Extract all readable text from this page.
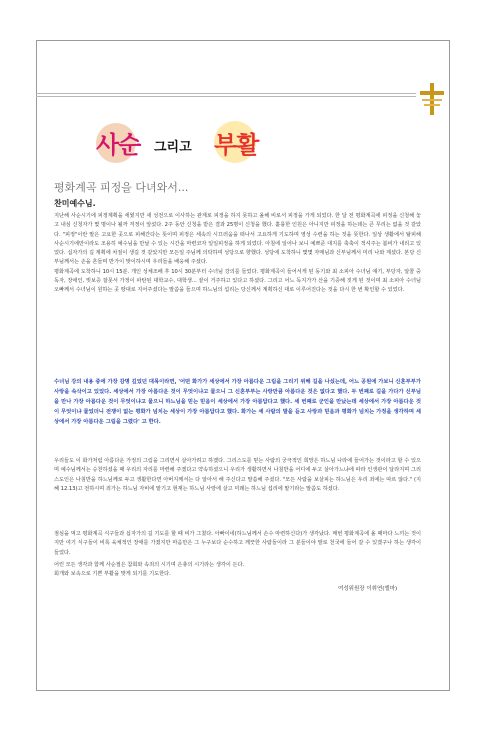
사순 그리고 부활
평화계곡 피정을 다녀와서...
찬미예수님.

지난해 사순시기에 피정계획을 세웠지만 새 성전으로 이사하는 관계로 피정을 하지 못하고 올해 비로서 피정을 가게 되었다. 한 달 전 평화계곡에 피정을 신청해 놓고 내심 신청자가 몇 명이나 될까 걱정이 앞섰다. 2주 동안 신청을 받은 결과 25명이 신청을 했다. 훌륭한 인원은 아니지만 피정을 하는데는 큰 무리는 없을 것 같았다. "피정"이란 말은 고요한 곳으로 피해간다는 뜻이며 피정은 세속의 시끄러움을 떠나서 고요하게 기도하며 영성 수련을 하는 것을 뜻한다. 일상 생활에서 탈피해 사순시기에만이라도 조용히 예수님을 만날 수 있는 시간을 마련코자 일일피정을 하게 되었다. 아침에 일어나 보니 예쁘준 대지를 축축이 적셔주는 봄비가 내리고 있었다. 십자가의 길 계획에 차질이 생길 것 같았지만 모든일 주님께 의탁하며 성당으로 향했다. 성당에 도착하니 몇몇 자매님과 신부님께서 미리 나와 계셨다. 본당 신부님께서는 손을 흔들며 반가이 맞이하시며 우리들을 배웅해 주셨다.
평화계곡에 도착하니 10시 15분. 개인 성체조배 후 10시 30분부터 수녀님 강의를 들었다. 평화계곡이 들어서게 된 동기와 최 소피아 수녀님 얘기, 부당자, 알콜 중독자, 장애인, 빚보증 잘못서 가정이 파탄된 대학교수, 대학생... 끝이 거주하고 있다고 하셨다. 그리고 어느 독지가가 산을 기증해 짓게 된 것이며 최 소피아 수녀님 오빠께서 수녀님이 원하는 곳 땅대로 지어주셨다는 말씀을 들으며 하느님의 섭리는 당신께서 계획하신 대로 이루어진다는 것을 다시 한 번 확인할 수 있었다.

수녀님 강의 내용 중에 가장 감명 깊었던 대목이라면, '어떤 화가가 세상에서 가장 아름다운 그림을 그리기 위해 길을 나섰는데, 어느 공원에 가보니 신혼부부가 사랑을 속삭이고 있었다. 세상에서 가장 아름다운 것이 무엇이냐고 물으니 그 신혼부부는 사랑만큼 아름다운 것은 없다고 했다. 두 번째로 길을 가다가 신부님을 만나 가장 아름다운 것이 무엇이냐고 물으니 하느님을 믿는 믿음이 세상에서 가장 아름답다고 했다. 세 번째로 군인을 만났는데 세상에서 가장 아름다운 것이 무엇이냐 물었더니 전쟁이 없는 평화가 넘치는 세상이 가장 아름답다고 했다. 화가는 세 사람의 말을 듣고 사랑과 믿음과 평화가 넘치는 가정을 생각하며 세상에서 가장 아름다운 그림을 그렸다' 고 한다.

우리들도 이 화가처럼 아름다운 가정의 그림을 그리면서 살아가려고 하겠다. 그리스도를 믿는 사람의 궁극적인 희망은 하느님 나라에 들어가는 것이라고 할 수 있으며 예수님께서는 승천하셨을 때 우리의 자리를 마련해 주겠다고 약속하셨으니 우리가 생활하면서 나침반을 어디에 두고 살아가느냐에 따라 인생관이 달라지며 그리스도인은 나침반을 하느님께로 두고 생활한다면 아버지께서는 다 알아서 해 주신다고 말씀해 주셨다. "모든 사람을 보살피는 하느님은 우리 죄에는 따르 않다." (지혜 12.13)고 전하시며 죄가는 하느님 자비에 맡기고 현재는 하느님 사랑에 살고 미래는 하느님 섭리에 맡기라는 말씀도 하셨다.

점심을 먹고 평화계곡 식구들과 십자가의 길 기도를 할 때 비가 그쳤다. 아빠이네(하느님께서 손수 마련하신다)가 생각났다. 매번 평화계곡에 올 때마다 느끼는 것이지만 여기 식구들이 비록 육체적인 장애를 가졌지만 마음만은 그 누구보다 순수하고 깨끗한 사람들이라 그 분들이야 말로 천국에 들어 갈 수 있겠구나 하는 생각이 들었다.

어린 모든 생각과 함께 사순절은 참회와 속죄의 시기며 은총의 시기라는 생각이 든다.
회개와 보속으로 기쁜 부활을 맞게 되기를 기도한다.

여성위원장 이취연(엘마)
